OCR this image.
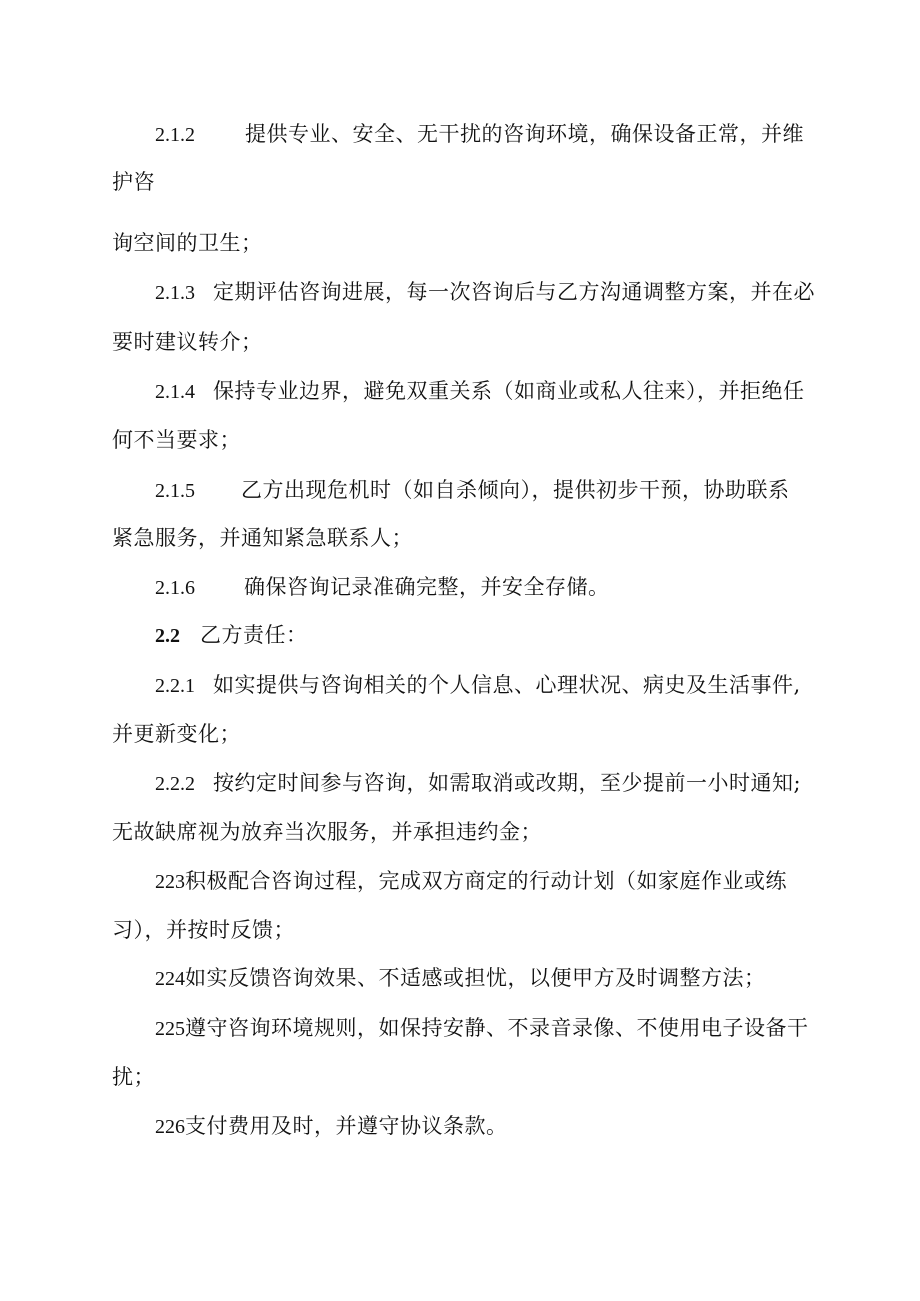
2.1.2 提供专业、安全、无干扰的咨询环境，确保设备正常，并维
护咨
询空间的卫生；
2.1.3 定期评估咨询进展，每一次咨询后与乙方沟通调整方案，并在必
要时建议转介；
2.1.4 保持专业边界，避免双重关系（如商业或私人往来），并拒绝任
何不当要求；
2.1.5 乙方出现危机时（如自杀倾向），提供初步干预，协助联系
紧急服务，并通知紧急联系人；
2.1.6 确保咨询记录准确完整，并安全存储。
2.2 乙方责任：
2.2.1 如实提供与咨询相关的个人信息、心理状况、病史及生活事件,
并更新变化；
2.2.2 按约定时间参与咨询，如需取消或改期，至少提前一小时通知;
无故缺席视为放弃当次服务，并承担违约金；
223积极配合咨询过程，完成双方商定的行动计划（如家庭作业或练
习），并按时反馈；
224如实反馈咨询效果、不适感或担忧，以便甲方及时调整方法；
225遵守咨询环境规则，如保持安静、不录音录像、不使用电子设备干
扰；
226支付费用及时，并遵守协议条款。
